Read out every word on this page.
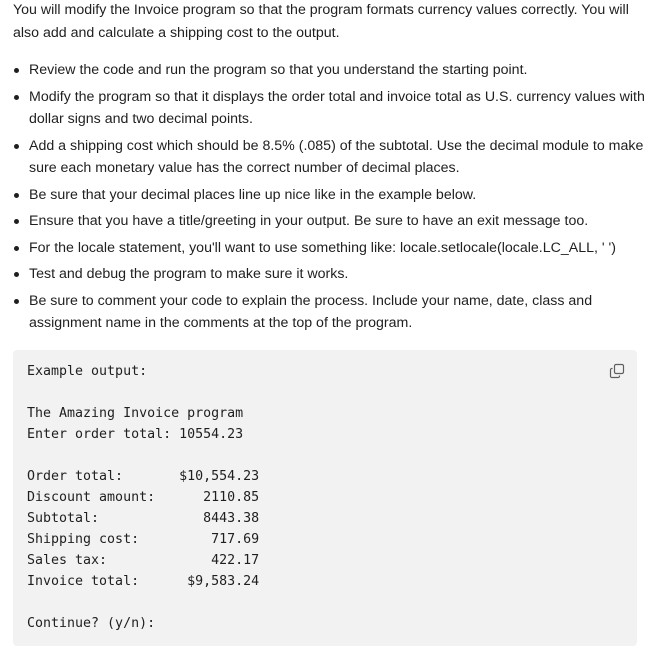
You will modify the Invoice program so that the program formats currency values correctly. You will also add and calculate a shipping cost to the output.

Review the code and run the program so that you understand the starting point.
Modify the program so that it displays the order total and invoice total as U.S. currency values with dollar signs and two decimal points.
Add a shipping cost which should be 8.5% (.085) of the subtotal. Use the decimal module to make sure each monetary value has the correct number of decimal places.
Be sure that your decimal places line up nice like in the example below.
Ensure that you have a title/greeting in your output. Be sure to have an exit message too.
For the locale statement, you'll want to use something like: locale.setlocale(locale.LC_ALL, ' ')
Test and debug the program to make sure it works.
Be sure to comment your code to explain the process. Include your name, date, class and assignment name in the comments at the top of the program.
Example output:
The Amazing Invoice program
Enter order total: 10554.23
Order total:       $10,554.23
Discount amount:      2110.85
Subtotal:             8443.38
Shipping cost:         717.69
Sales tax:             422.17
Invoice total:      $9,583.24
Continue? (y/n):
